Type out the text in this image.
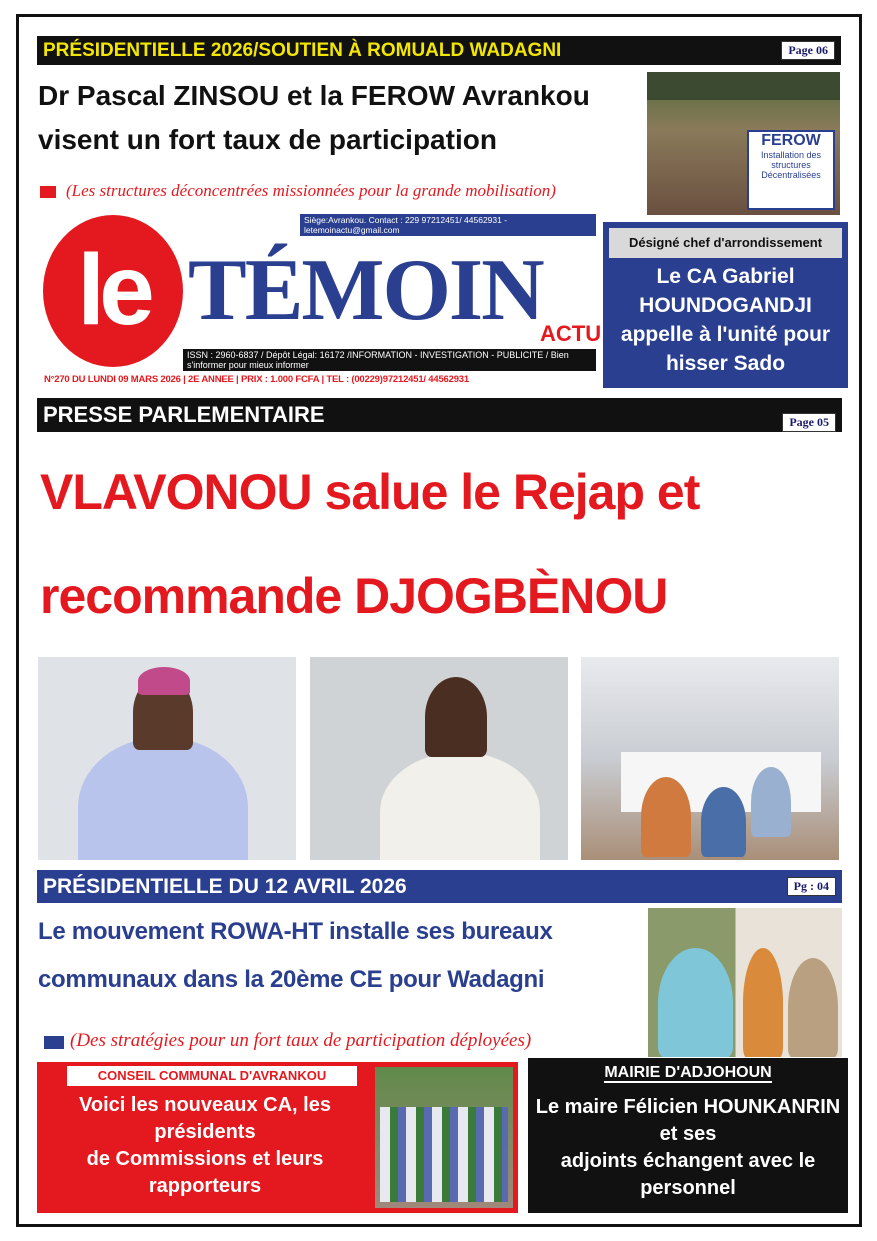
PRÉSIDENTIELLE 2026/SOUTIEN À ROMUALD WADAGNI	Page 06
Dr Pascal ZINSOU et la FEROW Avrankou
visent un fort taux de participation
(Les structures déconcentrées missionnées pour la grande mobilisation)
FEROW
Installation des structures Décentralisées
le
Siège:Avrankou. Contact : 229 97212451/ 44562931 - letemoinactu@gmail.com
TÉMOIN
ACTU
ISSN : 2960-6837 / Dépôt Légal: 16172 /INFORMATION - INVESTIGATION - PUBLICITE / Bien s'informer pour mieux informer
N°270 DU LUNDI 09 MARS 2026 | 2E ANNEE | PRIX : 1.000 FCFA | TEL : (00229)97212451/ 44562931
Désigné chef d'arrondissement
Le CA Gabriel HOUNDOGANDJI
appelle à l'unité pour hisser Sado
PRESSE PARLEMENTAIRE	Page 05
VLAVONOU salue le Rejap et
recommande DJOGBÈNOU
PRÉSIDENTIELLE DU 12 AVRIL 2026	Pg : 04
Le mouvement ROWA-HT installe ses bureaux
communaux dans la 20ème CE pour Wadagni
(Des stratégies pour un fort taux de participation déployées)
CONSEIL COMMUNAL D'AVRANKOU
Voici les nouveaux CA, les présidents
de Commissions et leurs rapporteurs
MAIRIE D'ADJOHOUN
Le maire Félicien HOUNKANRIN et ses
adjoints échangent avec le personnel
